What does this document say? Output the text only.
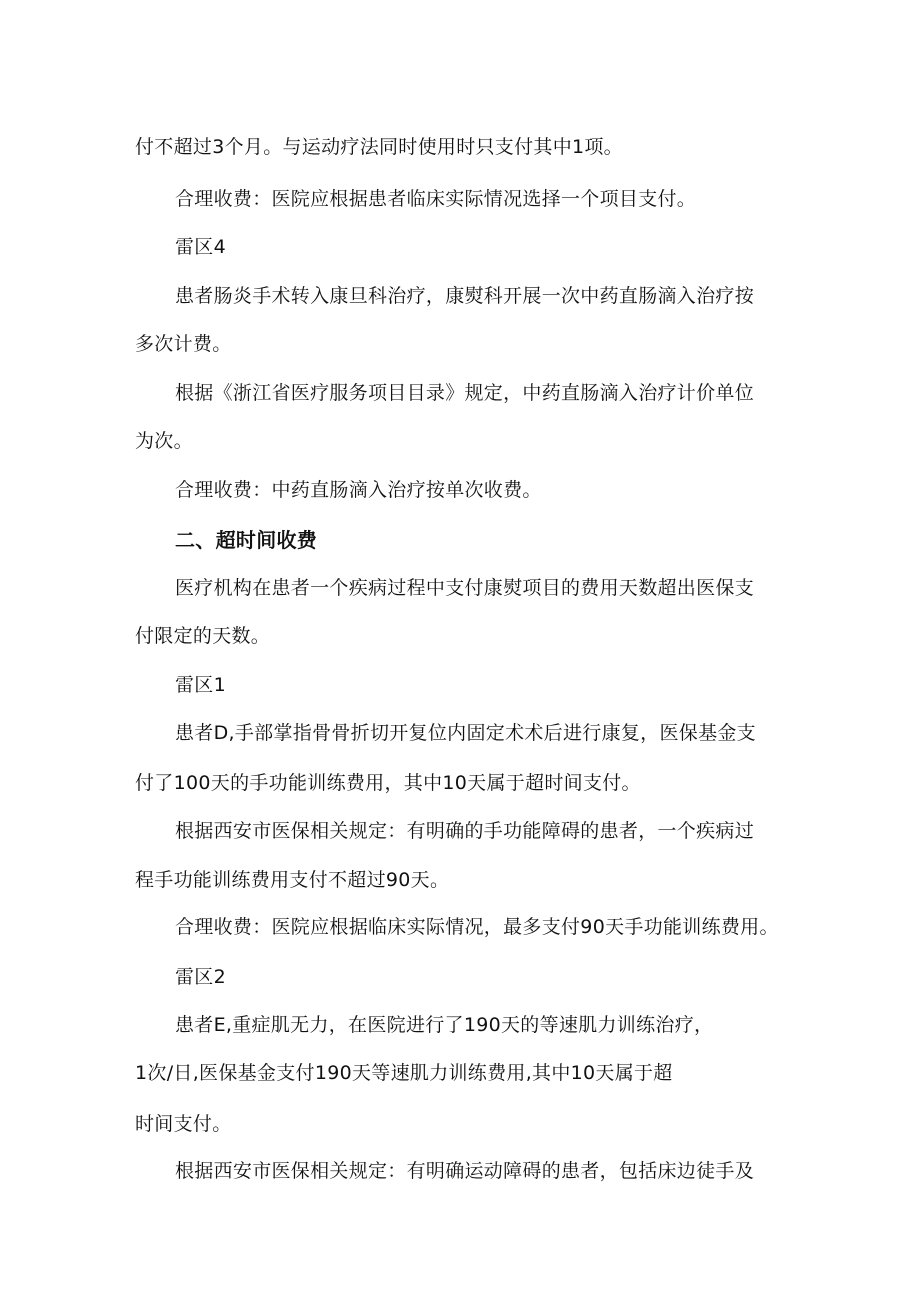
付不超过3个月。与运动疗法同时使用时只支付其中1项。

合理收费：医院应根据患者临床实际情况选择一个项目支付。

雷区4

患者肠炎手术转入康旦科治疗，康熨科开展一次中药直肠滴入治疗按

多次计费。

根据《浙江省医疗服务项目目录》规定，中药直肠滴入治疗计价单位

为次。

合理收费：中药直肠滴入治疗按单次收费。

二、超时间收费

医疗机构在患者一个疾病过程中支付康熨项目的费用天数超出医保支

付限定的天数。

雷区1

患者D,手部掌指骨骨折切开复位内固定术术后进行康复，医保基金支

付了100天的手功能训练费用，其中10天属于超时间支付。

根据西安市医保相关规定：有明确的手功能障碍的患者，一个疾病过

程手功能训练费用支付不超过90天。

合理收费：医院应根据临床实际情况，最多支付90天手功能训练费用。

雷区2

患者E,重症肌无力，在医院进行了190天的等速肌力训练治疗，

1次/日,医保基金支付190天等速肌力训练费用,其中10天属于超

时间支付。

根据西安市医保相关规定：有明确运动障碍的患者，包括床边徒手及
